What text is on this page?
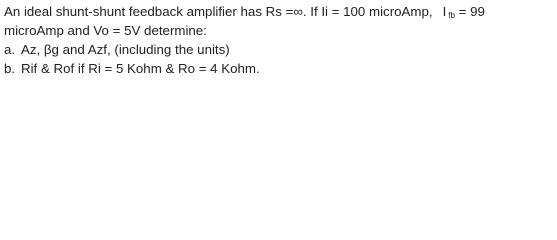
An ideal shunt-shunt feedback amplifier has Rs =∞. If Ii = 100 microAmp, I fb = 99
microAmp and Vo = 5V determine:
a. Az, βg and Azf, (including the units)
b. Rif & Rof if Ri = 5 Kohm & Ro = 4 Kohm.
